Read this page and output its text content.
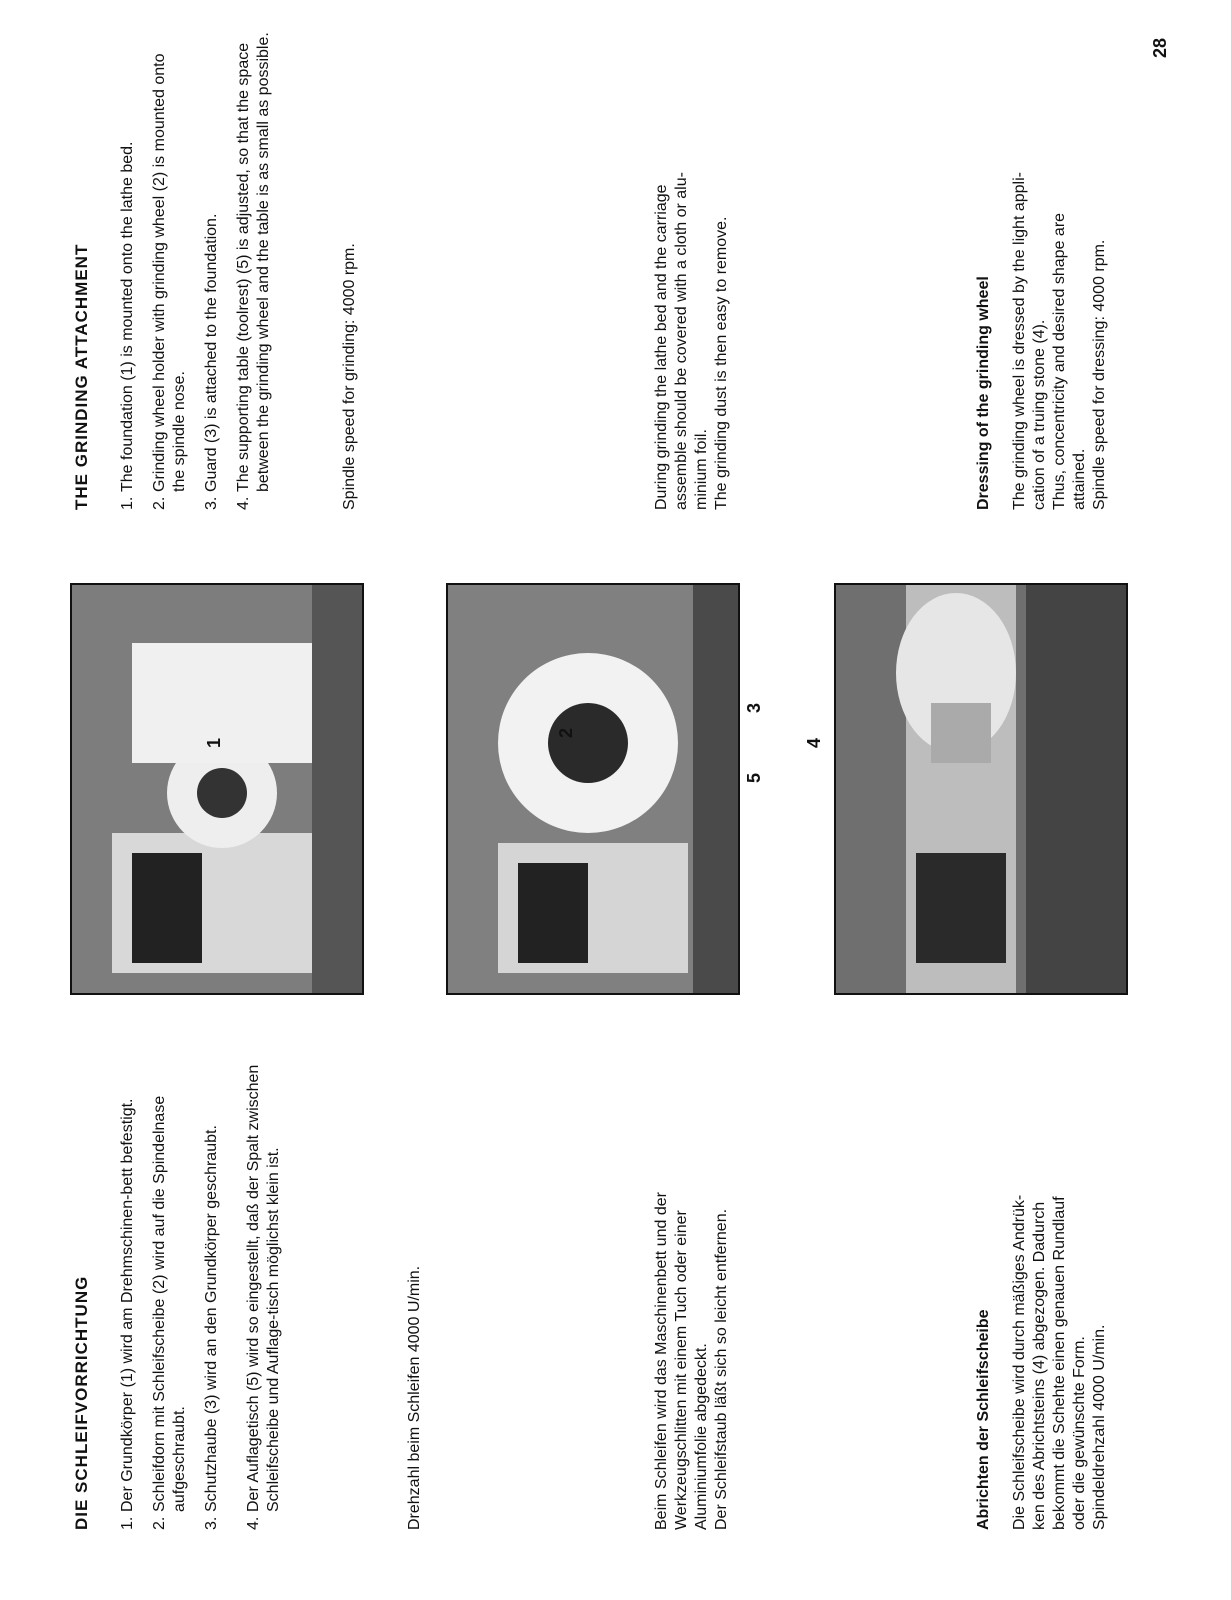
28
DIE SCHLEIFVORRICHTUNG 1.
Der Grundkörper (1) wird am Drehmschinen-bett befestigt.
2.
Schleifdorn mit Schleifscheibe (2) wird auf die Spindelnase aufgeschraubt.
3.
Schutzhaube (3) wird an den Grundkörper geschraubt.
4.
Der Auflagetisch (5) wird so eingestellt, daß der Spalt zwischen Schleifscheibe und Auflage-tisch möglichst klein ist.	Drehzahl beim Schleifen 4000 U/min.	Beim Schleifen wird das Maschinenbett und der Werkzeugschlitten mit einem Tuch oder einer Aluminiumfolie abgedeckt. Der Schleifstaub läßt sich so leicht entfernen.	Abrichten der Schleifscheibe Die Schleifscheibe wird durch mäßiges Andrük- ken des Abrichtsteins (4) abgezogen. Dadurch bekommt die Schehte einen genauen Rundlauf oder die gewünschte Form. Spindeldrehzahl 4000 U/min.

1
2
3
5
4
THE GRINDING ATTACHMENT 1.
The foundation (1) is mounted onto the lathe bed.
2.
Grinding wheel holder with grinding wheel (2) is mounted onto the spindle nose.
3.
Guard (3) is attached to the foundation.
4.
The supporting table (toolrest) (5) is adjusted, so that the space between the grinding wheel and the table is as small as possible.	Spindle speed for grinding: 4000 rpm.	During grinding the lathe bed and the carriage assemble should be covered with a cloth or alu- minium foil. The grinding dust is then easy to remove.	Dressing of the grinding wheel The grinding wheel is dressed by the light appli- cation of a truing stone (4). Thus, concentricity and desired shape are attained. Spindle speed for dressing: 4000 rpm.
